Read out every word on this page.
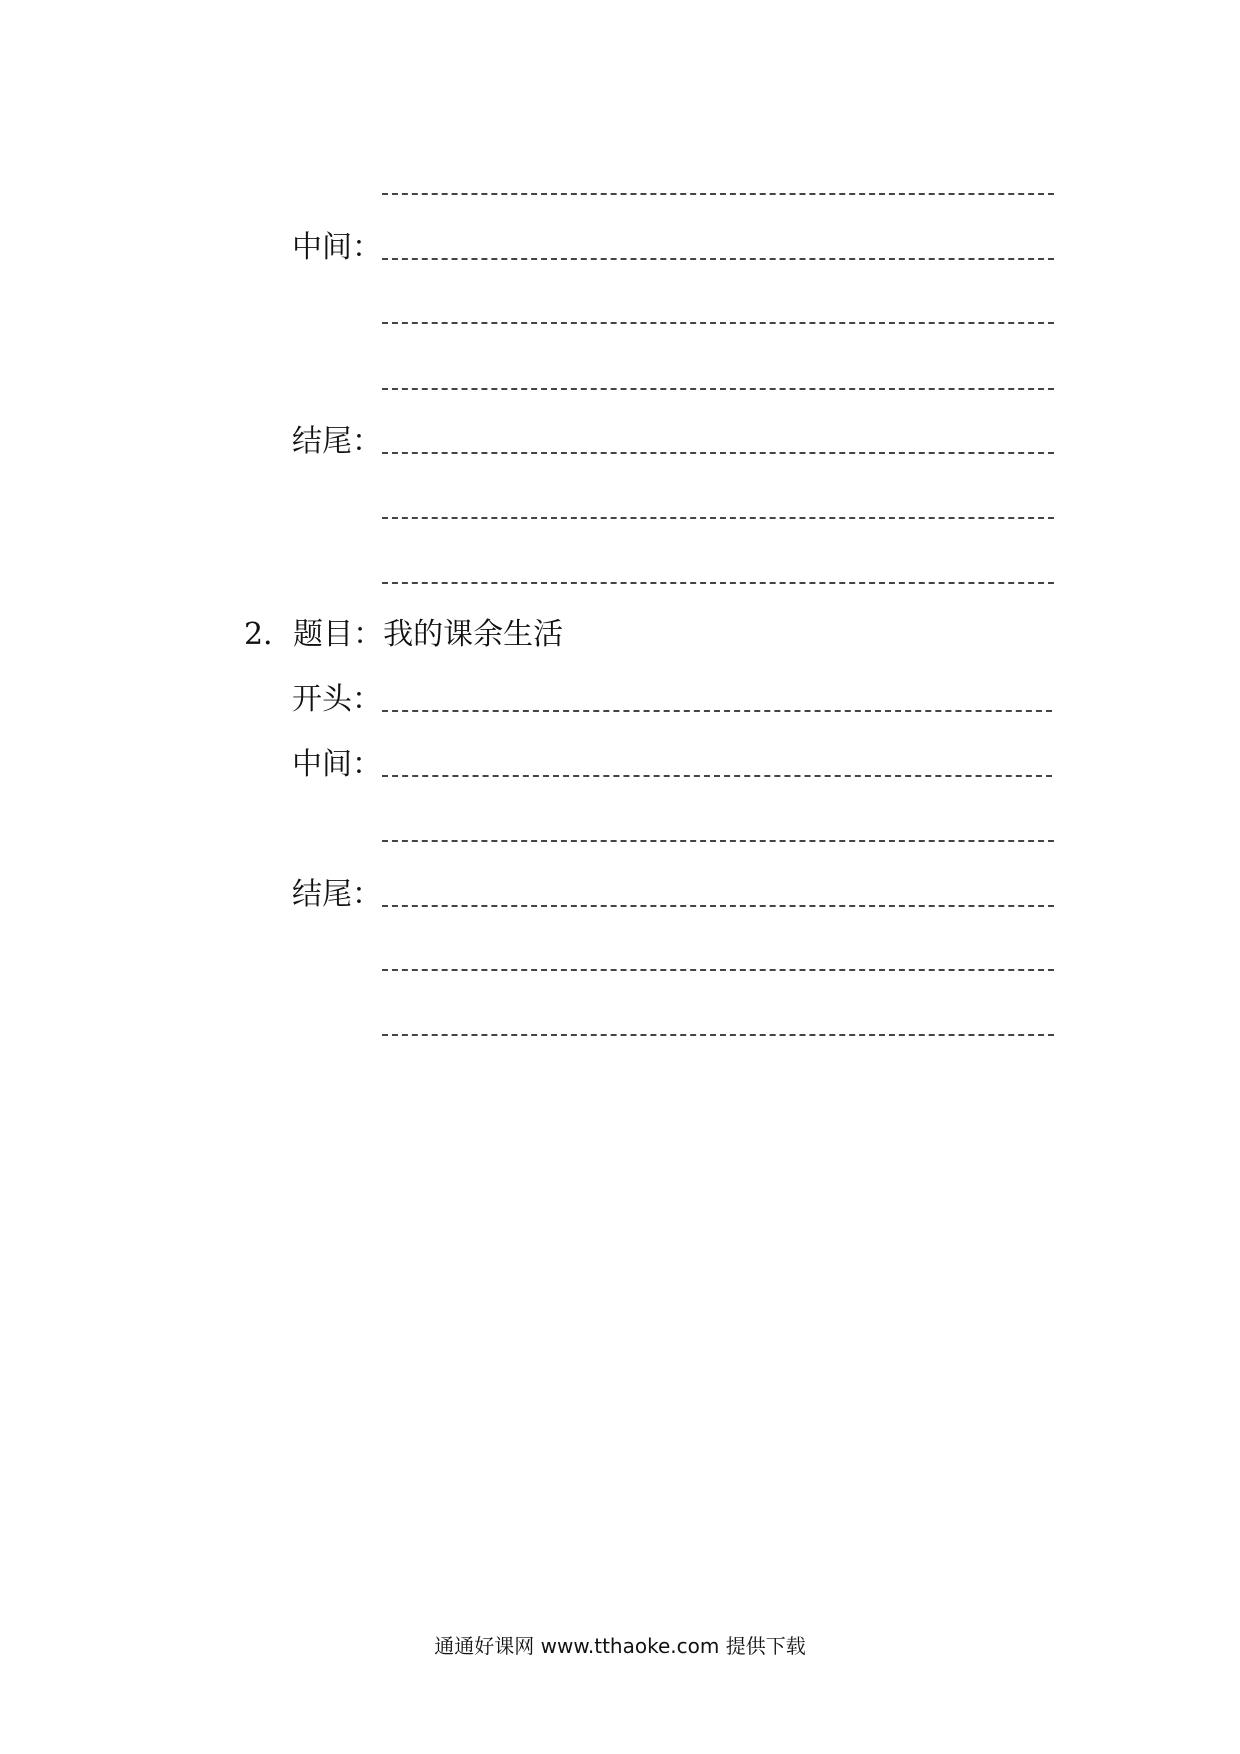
中间：
结尾：
2．题目：我的课余生活
开头：
中间：
结尾：
通通好课网 www.tthaoke.com 提供下载
